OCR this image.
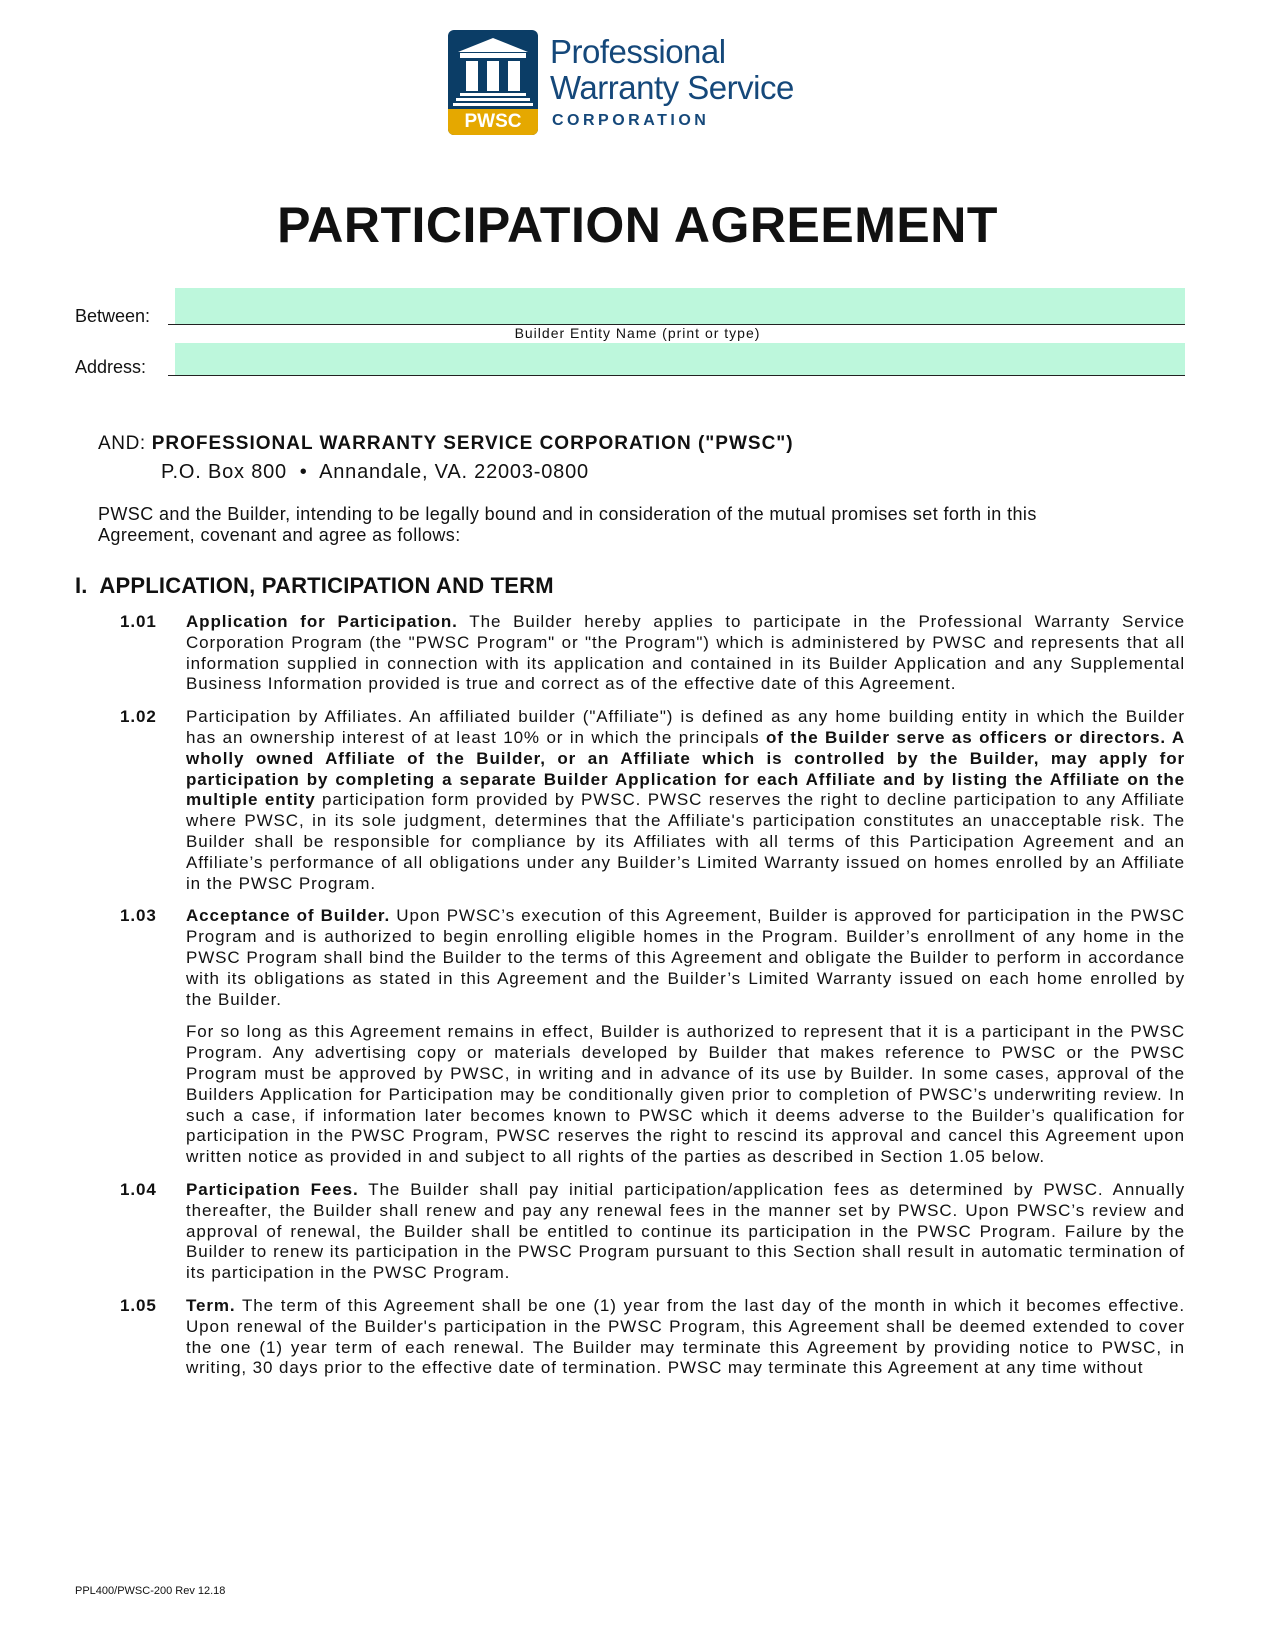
PWSC
Professional
Warranty Service
CORPORATION
PARTICIPATION AGREEMENT
Between:
Builder Entity Name (print or type)
Address:
AND: PROFESSIONAL WARRANTY SERVICE CORPORATION ("PWSC")
P.O. Box 800  •  Annandale, VA. 22003-0800
PWSC and the Builder, intending to be legally bound and in consideration of the mutual promises set forth in this Agreement, covenant and agree as follows:
I.  APPLICATION, PARTICIPATION AND TERM
1.01 Application for Participation. The Builder hereby applies to participate in the Professional Warranty Service Corporation Program (the "PWSC Program" or "the Program") which is administered by PWSC and represents that all information supplied in connection with its application and contained in its Builder Application and any Supplemental Business Information provided is true and correct as of the effective date of this Agreement.

1.02 Participation by Affiliates. An affiliated builder ("Affiliate") is defined as any home building entity in which the Builder has an ownership interest of at least 10% or in which the principals of the Builder serve as officers or directors. A wholly owned Affiliate of the Builder, or an Affiliate which is controlled by the Builder, may apply for participation by completing a separate Builder Application for each Affiliate and by listing the Affiliate on the multiple entity participation form provided by PWSC. PWSC reserves the right to decline participation to any Affiliate where PWSC, in its sole judgment, determines that the Affiliate's participation constitutes an unacceptable risk. The Builder shall be responsible for compliance by its Affiliates with all terms of this Participation Agreement and an Affiliate’s performance of all obligations under any Builder’s Limited Warranty issued on homes enrolled by an Affiliate in the PWSC Program.

1.03 Acceptance of Builder. Upon PWSC’s execution of this Agreement, Builder is approved for participation in the PWSC Program and is authorized to begin enrolling eligible homes in the Program. Builder’s enrollment of any home in the PWSC Program shall bind the Builder to the terms of this Agreement and obligate the Builder to perform in accordance with its obligations as stated in this Agreement and the Builder’s Limited Warranty issued on each home enrolled by the Builder.

For so long as this Agreement remains in effect, Builder is authorized to represent that it is a participant in the PWSC Program. Any advertising copy or materials developed by Builder that makes reference to PWSC or the PWSC Program must be approved by PWSC, in writing and in advance of its use by Builder. In some cases, approval of the Builders Application for Participation may be conditionally given prior to completion of PWSC’s underwriting review. In such a case, if information later becomes known to PWSC which it deems adverse to the Builder’s qualification for participation in the PWSC Program, PWSC reserves the right to rescind its approval and cancel this Agreement upon written notice as provided in and subject to all rights of the parties as described in Section 1.05 below.

1.04 Participation Fees. The Builder shall pay initial participation/application fees as determined by PWSC. Annually thereafter, the Builder shall renew and pay any renewal fees in the manner set by PWSC. Upon PWSC’s review and approval of renewal, the Builder shall be entitled to continue its participation in the PWSC Program. Failure by the Builder to renew its participation in the PWSC Program pursuant to this Section shall result in automatic termination of its participation in the PWSC Program.

1.05 Term. The term of this Agreement shall be one (1) year from the last day of the month in which it becomes effective. Upon renewal of the Builder's participation in the PWSC Program, this Agreement shall be deemed extended to cover the one (1) year term of each renewal. The Builder may terminate this Agreement by providing notice to PWSC, in writing, 30 days prior to the effective date of termination. PWSC may terminate this Agreement at any time without

PPL400/PWSC-200 Rev 12.18
